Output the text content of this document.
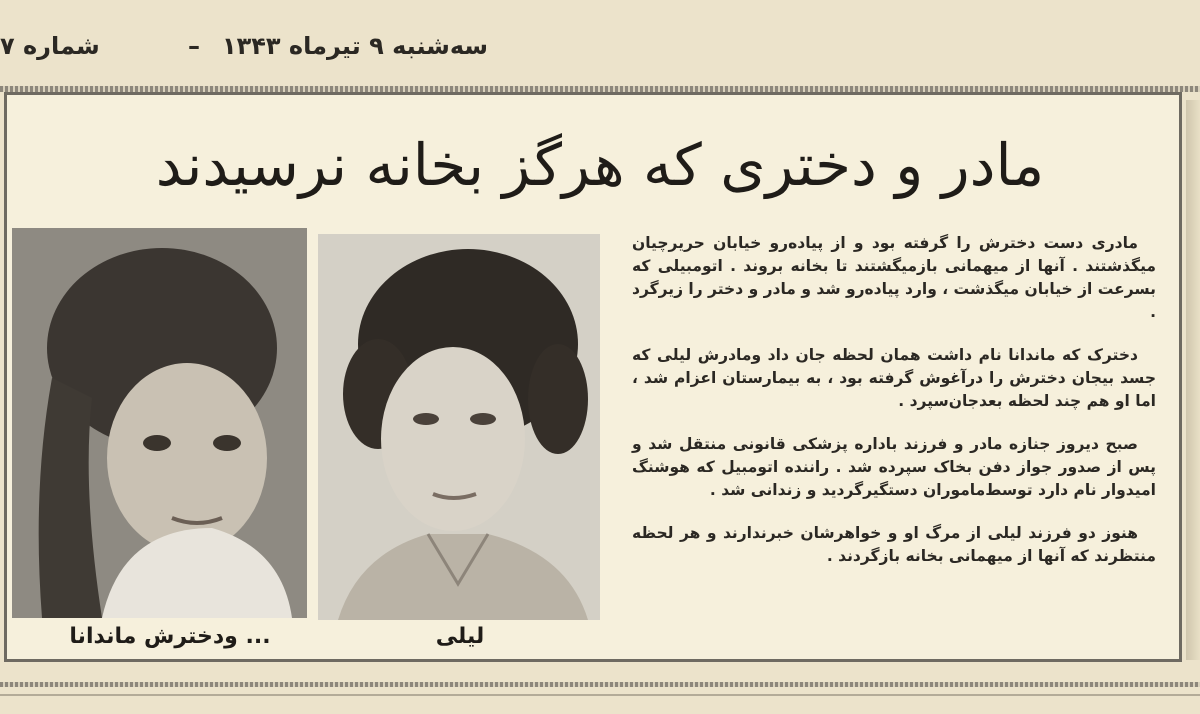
سه‌شنبه ۹ تیرماه ۱۳۴۳
–
شماره ۷
مادر و دختری که هرگز بخانه نرسیدند
... ودخترش ماندانا	لیلی

مادری دست دخترش را گرفته بود و از پیاده‌رو خیابان حریرچیان میگذشتند . آنها از میهمانی بازمیگشتند تا بخانه بروند . اتومبیلی که بسرعت از خیابان میگذشت ، وارد پیاده‌رو شد و مادر و دختر را زیرگرد .

دخترک که ماندانا نام داشت همان لحظه جان داد ومادرش لیلی که جسد بیجان دخترش را درآغوش گرفته بود ، به بیمارستان اعزام شد ، اما او هم چند لحظه بعدجان‌سپرد .

صبح دیروز جنازه مادر و فرزند باداره پزشکی قانونی منتقل شد و پس از صدور جواز دفن بخاک سپرده شد . راننده اتومبیل که هوشنگ امیدوار نام دارد توسط‌ماموران دستگیرگردید و زندانی شد .

هنوز دو فرزند لیلی از مرگ او و خواهرشان خبرندارند و هر لحظه منتظرند که آنها از میهمانی بخانه بازگردند .
